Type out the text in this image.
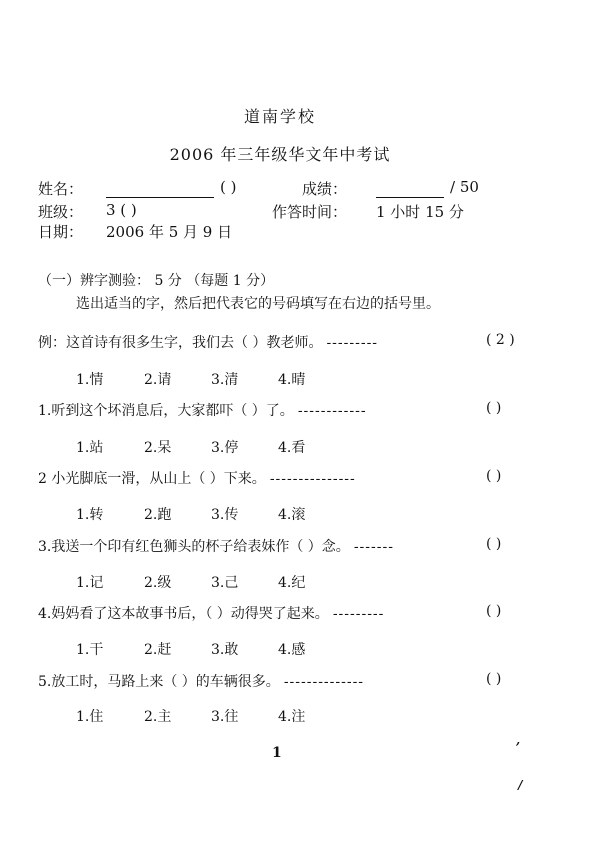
道南学校
2006 年三年级华文年中考试
姓名：	( )	成绩：	/ 50
班级： 3 ( )	作答时间： 1 小时 15 分
日期： 2006 年 5 月 9 日
（一）辨字测验： 5 分 （每题 1 分）
选出适当的字，然后把代表它的号码填写在右边的括号里。
例：这首诗有很多生字，我们去（ ）教老师。 ---------	( 2 )
1.情	2.请	3.清	4.晴
1.听到这个坏消息后，大家都吓（ ）了。 ------------	( )
1.站	2.呆	3.停	4.看
2 小光脚底一滑，从山上（ ）下来。 ---------------	( )
1.转	2.跑	3.传	4.滚
3.我送一个印有红色狮头的杯子给表妹作（ ）念。 -------	( )
1.记	2.级	3.己	4.纪
4.妈妈看了这本故事书后，（ ）动得哭了起来。 ---------	( )
1.干	2.赶	3.敢	4.感
5.放工时，马路上来（ ）的车辆很多。 --------------	( )
1.住	2.主	3.往	4.注
1
,
/
